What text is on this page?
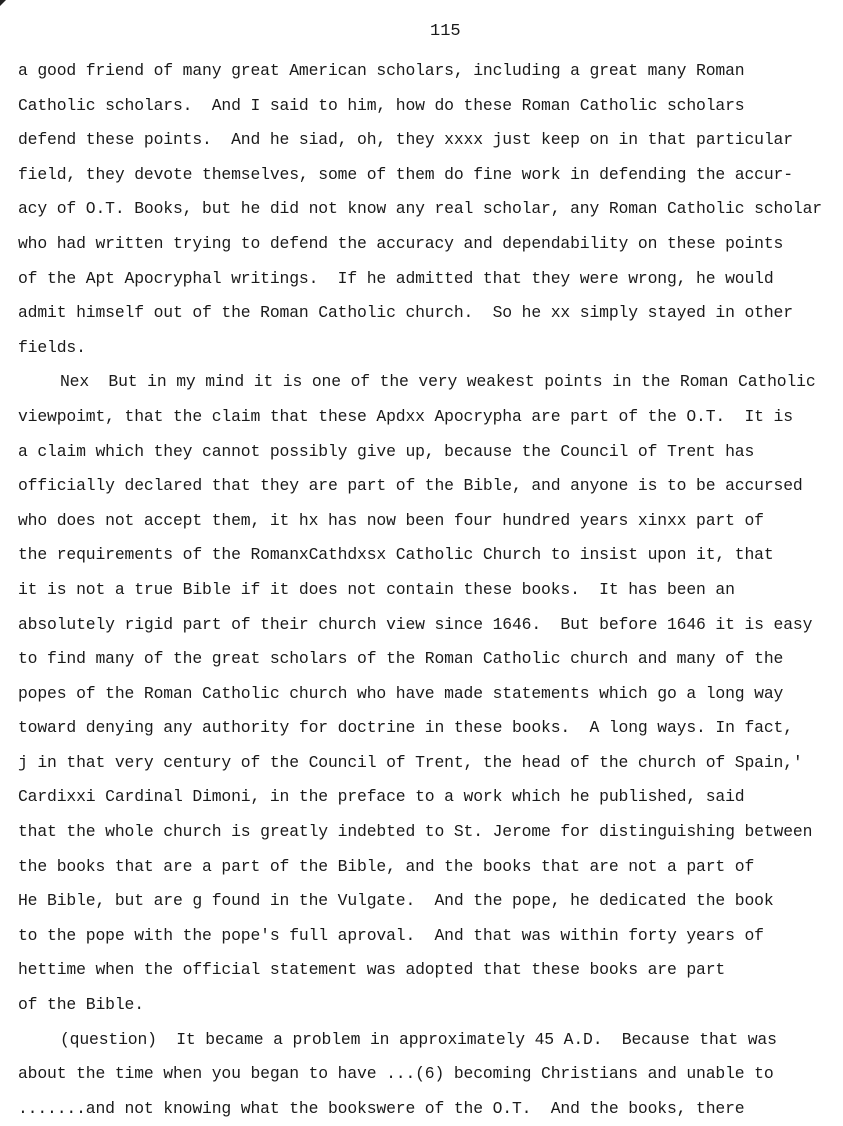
115
a good friend of many great American scholars, including a great many Roman
Catholic scholars.  And I said to him, how do these Roman Catholic scholars
defend these points.  And he siad, oh, they xxxx just keep on in that particular
field, they devote themselves, some of them do fine work in defending the accur-
acy of O.T. Books, but he did not know any real scholar, any Roman Catholic scholar
who had written trying to defend the accuracy and dependability on these points
of the Apt Apocryphal writings.  If he admitted that they were wrong, he would
admit himself out of the Roman Catholic church.  So he xx simply stayed in other
fields.
Nex  But in my mind it is one of the very weakest points in the Roman Catholic
viewpoimt, that the claim that these Apdxx Apocrypha are part of the O.T.  It is
a claim which they cannot possibly give up, because the Council of Trent has
officially declared that they are part of the Bible, and anyone is to be accursed
who does not accept them, it hx has now been four hundred years xinxx part of
the requirements of the RomanxCathdxsx Catholic Church to insist upon it, that
it is not a true Bible if it does not contain these books.  It has been an
absolutely rigid part of their church view since 1646.  But before 1646 it is easy
to find many of the great scholars of the Roman Catholic church and many of the
popes of the Roman Catholic church who have made statements which go a long way
toward denying any authority for doctrine in these books.  A long ways. In fact,
j in that very century of the Council of Trent, the head of the church of Spain,'
Cardixxi Cardinal Dimoni, in the preface to a work which he published, said
that the whole church is greatly indebted to St. Jerome for distinguishing between
the books that are a part of the Bible, and the books that are not a part of
He Bible, but are g found in the Vulgate.  And the pope, he dedicated the book
to the pope with the pope's full aproval.  And that was within forty years of
hettime when the official statement was adopted that these books are part
of the Bible.
(question)  It became a problem in approximately 45 A.D.  Because that was
about the time when you began to have ...(6) becoming Christians and unable to
.......and not knowing what the bookswere of the O.T.  And the books, there
